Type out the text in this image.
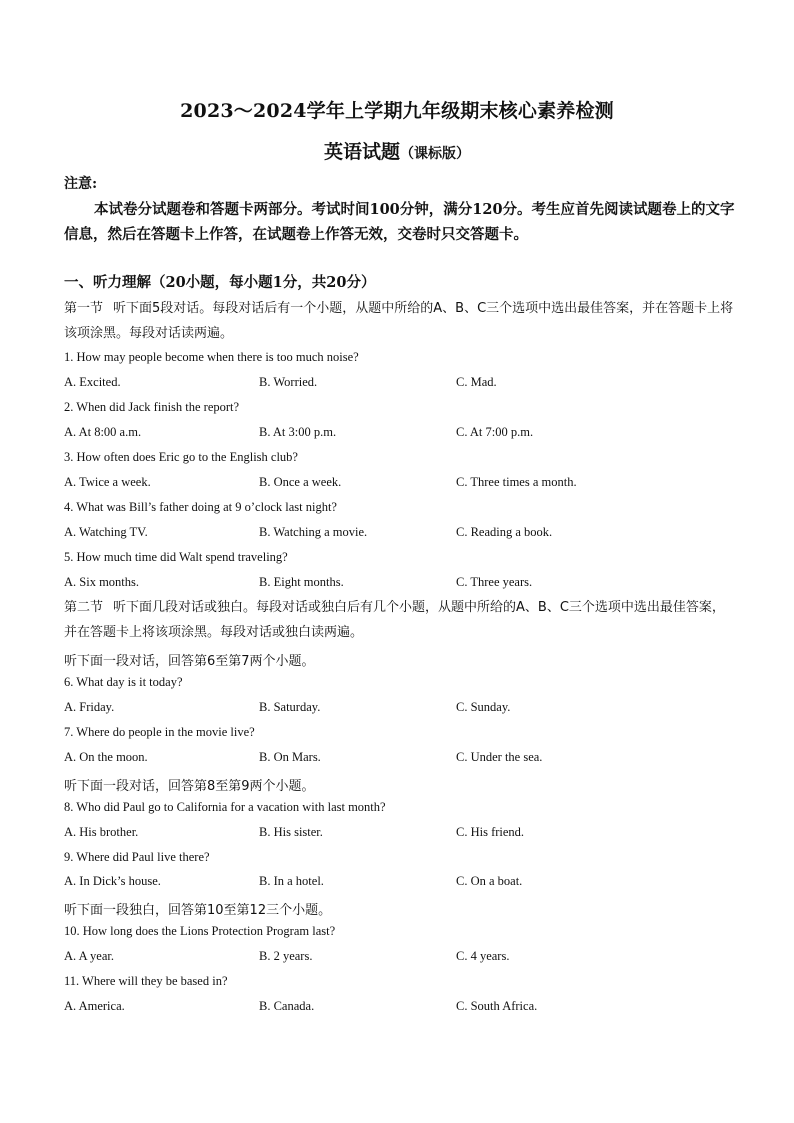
2023～2024学年上学期九年级期末核心素养检测
英语试题（课标版）
注意:
本试卷分试题卷和答题卡两部分。考试时间100分钟，满分120分。考生应首先阅读试题卷上的文字信息，然后在答题卡上作答，在试题卷上作答无效，交卷时只交答题卡。
一、听力理解（20小题，每小题1分，共20分）
第一节 听下面5段对话。每段对话后有一个小题，从题中所给的A、B、C三个选项中选出最佳答案，并在答题卡上将该项涂黑。每段对话读两遍。
1. How may people become when there is too much noise?
A. Excited.	B. Worried.	C. Mad.
2. When did Jack finish the report?
A. At 8:00 a.m.	B. At 3:00 p.m.	C. At 7:00 p.m.
3. How often does Eric go to the English club?
A. Twice a week.	B. Once a week.	C. Three times a month.
4. What was Bill’s father doing at 9 o’clock last night?
A. Watching TV.	B. Watching a movie.	C. Reading a book.
5. How much time did Walt spend traveling?
A. Six months.	B. Eight months.	C. Three years.
第二节 听下面几段对话或独白。每段对话或独白后有几个小题，从题中所给的A、B、C三个选项中选出最佳答案，并在答题卡上将该项涂黑。每段对话或独白读两遍。
听下面一段对话，回答第6至第7两个小题。
6. What day is it today?
A. Friday.	B. Saturday.	C. Sunday.
7. Where do people in the movie live?
A. On the moon.	B. On Mars.	C. Under the sea.
听下面一段对话，回答第8至第9两个小题。
8. Who did Paul go to California for a vacation with last month?
A. His brother.	B. His sister.	C. His friend.
9. Where did Paul live there?
A. In Dick’s house.	B. In a hotel.	C. On a boat.
听下面一段独白，回答第10至第12三个小题。
10. How long does the Lions Protection Program last?
A. A year.	B. 2 years.	C. 4 years.
11. Where will they be based in?
A. America.	B. Canada.	C. South Africa.
